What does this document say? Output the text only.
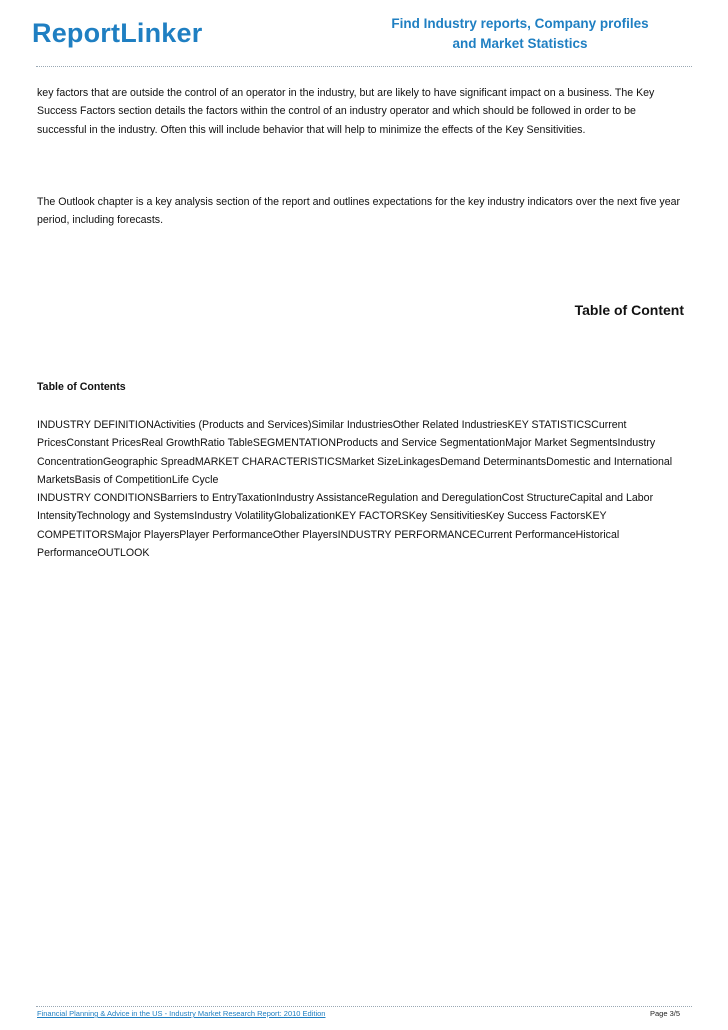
ReportLinker	Find Industry reports, Company profiles
and Market Statistics

key factors that are outside the control of an operator in the industry, but are likely to have significant impact on a business. The Key Success Factors section details the factors within the control of an industry operator and which should be followed in order to be successful in the industry. Often this will include behavior that will help to minimize the effects of the Key Sensitivities.

The Outlook chapter is a key analysis section of the report and outlines expectations for the key industry indicators over the next five year period, including forecasts.

Table of Content
Table of Contents
INDUSTRY DEFINITIONActivities (Products and Services)Similar IndustriesOther Related IndustriesKEY STATISTICSCurrent PricesConstant PricesReal GrowthRatio TableSEGMENTATIONProducts and Service SegmentationMajor Market SegmentsIndustry ConcentrationGeographic SpreadMARKET CHARACTERISTICSMarket SizeLinkagesDemand DeterminantsDomestic and International MarketsBasis of CompetitionLife Cycle
INDUSTRY CONDITIONSBarriers to EntryTaxationIndustry AssistanceRegulation and DeregulationCost StructureCapital and Labor IntensityTechnology and SystemsIndustry VolatilityGlobalizationKEY FACTORSKey SensitivitiesKey Success FactorsKEY COMPETITORSMajor PlayersPlayer PerformanceOther PlayersINDUSTRY PERFORMANCECurrent PerformanceHistorical PerformanceOUTLOOK
Financial Planning & Advice in the US - Industry Market Research Report: 2010 Edition	Page 3/5
